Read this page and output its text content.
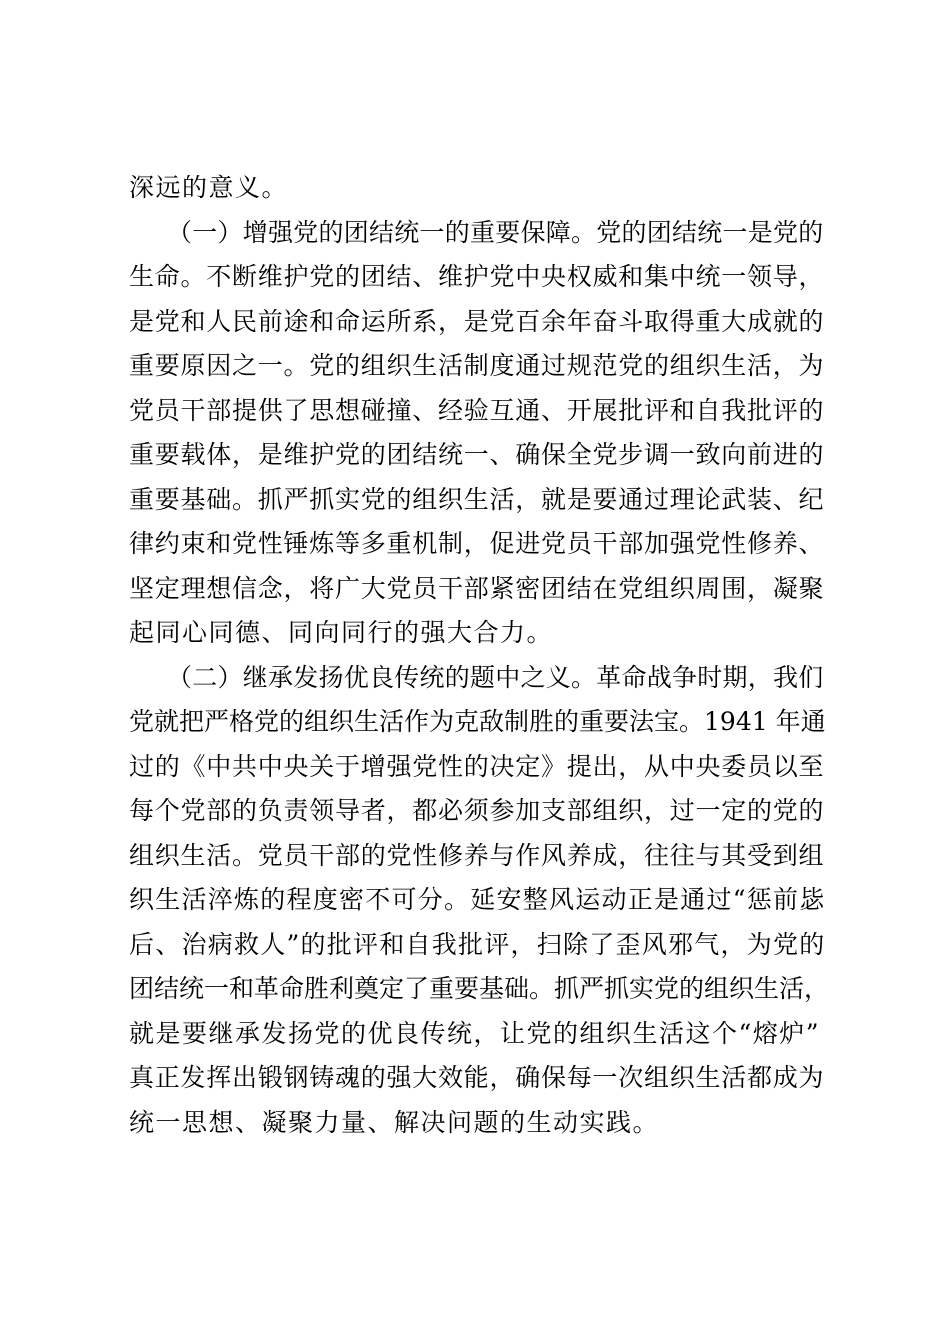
深远的意义。
（一）增强党的团结统一的重要保障。党的团结统一是党的
生命。不断维护党的团结、维护党中央权威和集中统一领导，
是党和人民前途和命运所系，是党百余年奋斗取得重大成就的
重要原因之一。党的组织生活制度通过规范党的组织生活，为
党员干部提供了思想碰撞、经验互通、开展批评和自我批评的
重要载体，是维护党的团结统一、确保全党步调一致向前进的
重要基础。抓严抓实党的组织生活，就是要通过理论武装、纪
律约束和党性锤炼等多重机制，促进党员干部加强党性修养、
坚定理想信念，将广大党员干部紧密团结在党组织周围，凝聚
起同心同德、同向同行的强大合力。
（二）继承发扬优良传统的题中之义。革命战争时期，我们
党就把严格党的组织生活作为克敌制胜的重要法宝。1941 年通
过的《中共中央关于增强党性的决定》提出，从中央委员以至
每个党部的负责领导者，都必须参加支部组织，过一定的党的
组织生活。党员干部的党性修养与作风养成，往往与其受到组
织生活淬炼的程度密不可分。延安整风运动正是通过“惩前毖
后、治病救人”的批评和自我批评，扫除了歪风邪气，为党的
团结统一和革命胜利奠定了重要基础。抓严抓实党的组织生活，
就是要继承发扬党的优良传统，让党的组织生活这个“熔炉”
真正发挥出锻钢铸魂的强大效能，确保每一次组织生活都成为
统一思想、凝聚力量、解决问题的生动实践。
